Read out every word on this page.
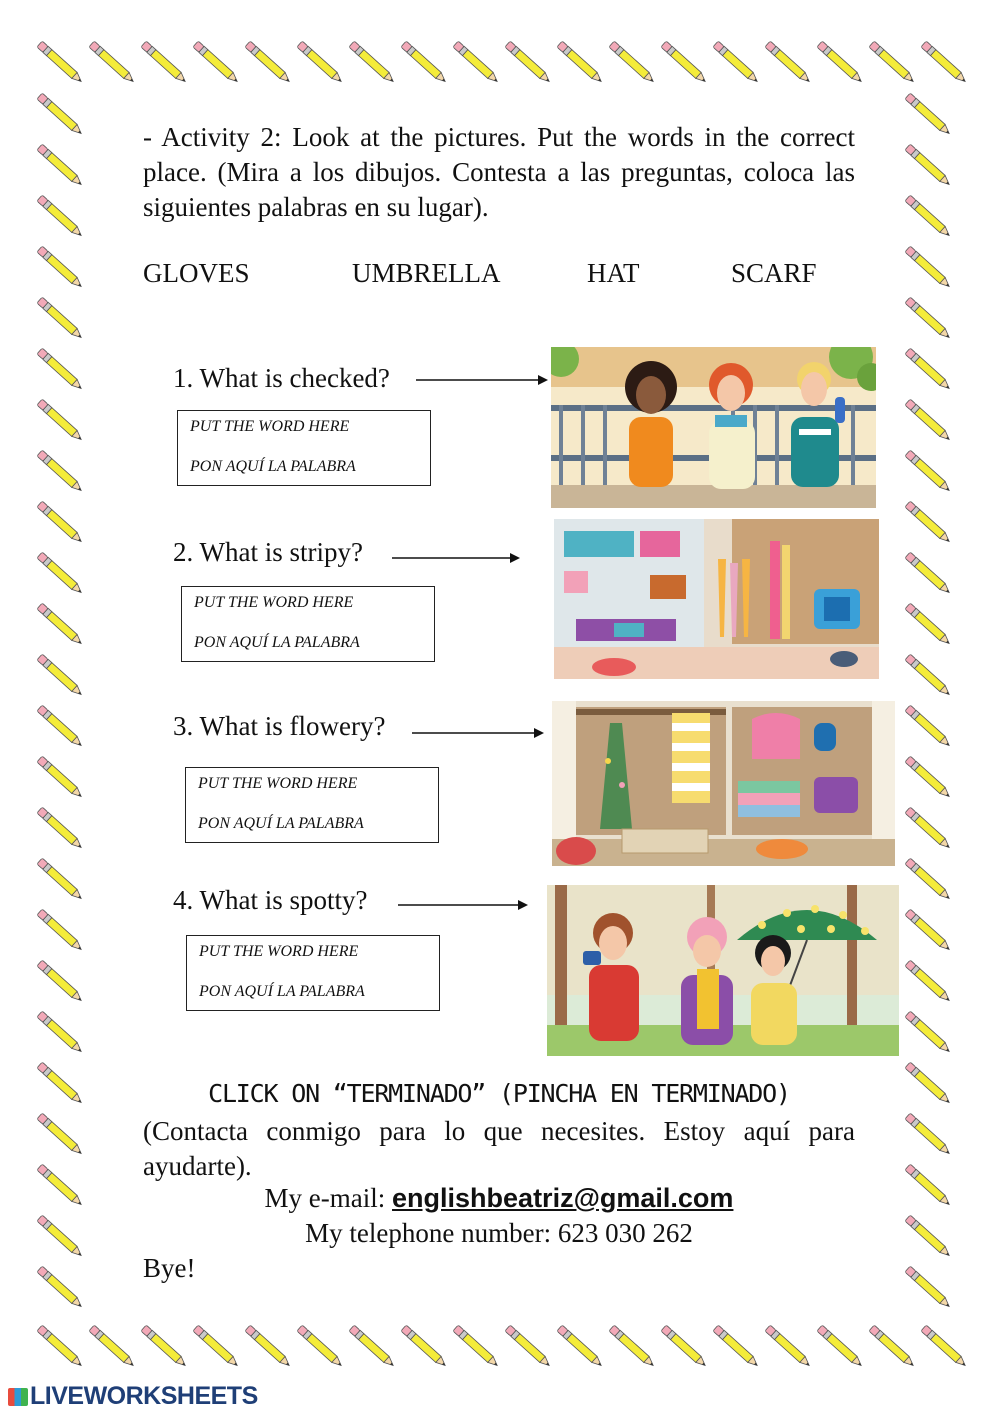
- Activity 2: Look at the pictures. Put the words in the correct place. (Mira a los dibujos. Contesta a las preguntas, coloca las siguientes palabras en su lugar).
GLOVES	UMBRELLA	HAT	SCARF
1. What is checked?
PUT THE WORD HERE
PON AQUÍ LA PALABRA
2. What is stripy?
PUT THE WORD HERE
PON AQUÍ LA PALABRA
3. What is flowery?
PUT THE WORD HERE
PON AQUÍ LA PALABRA
4. What is spotty?
PUT THE WORD HERE
PON AQUÍ LA PALABRA
CLICK ON “TERMINADO” (PINCHA EN TERMINADO)
(Contacta conmigo para lo que necesites. Estoy aquí para ayudarte).
My e-mail: englishbeatriz@gmail.com
My telephone number: 623 030 262
Bye!
LIVEWORKSHEETS
